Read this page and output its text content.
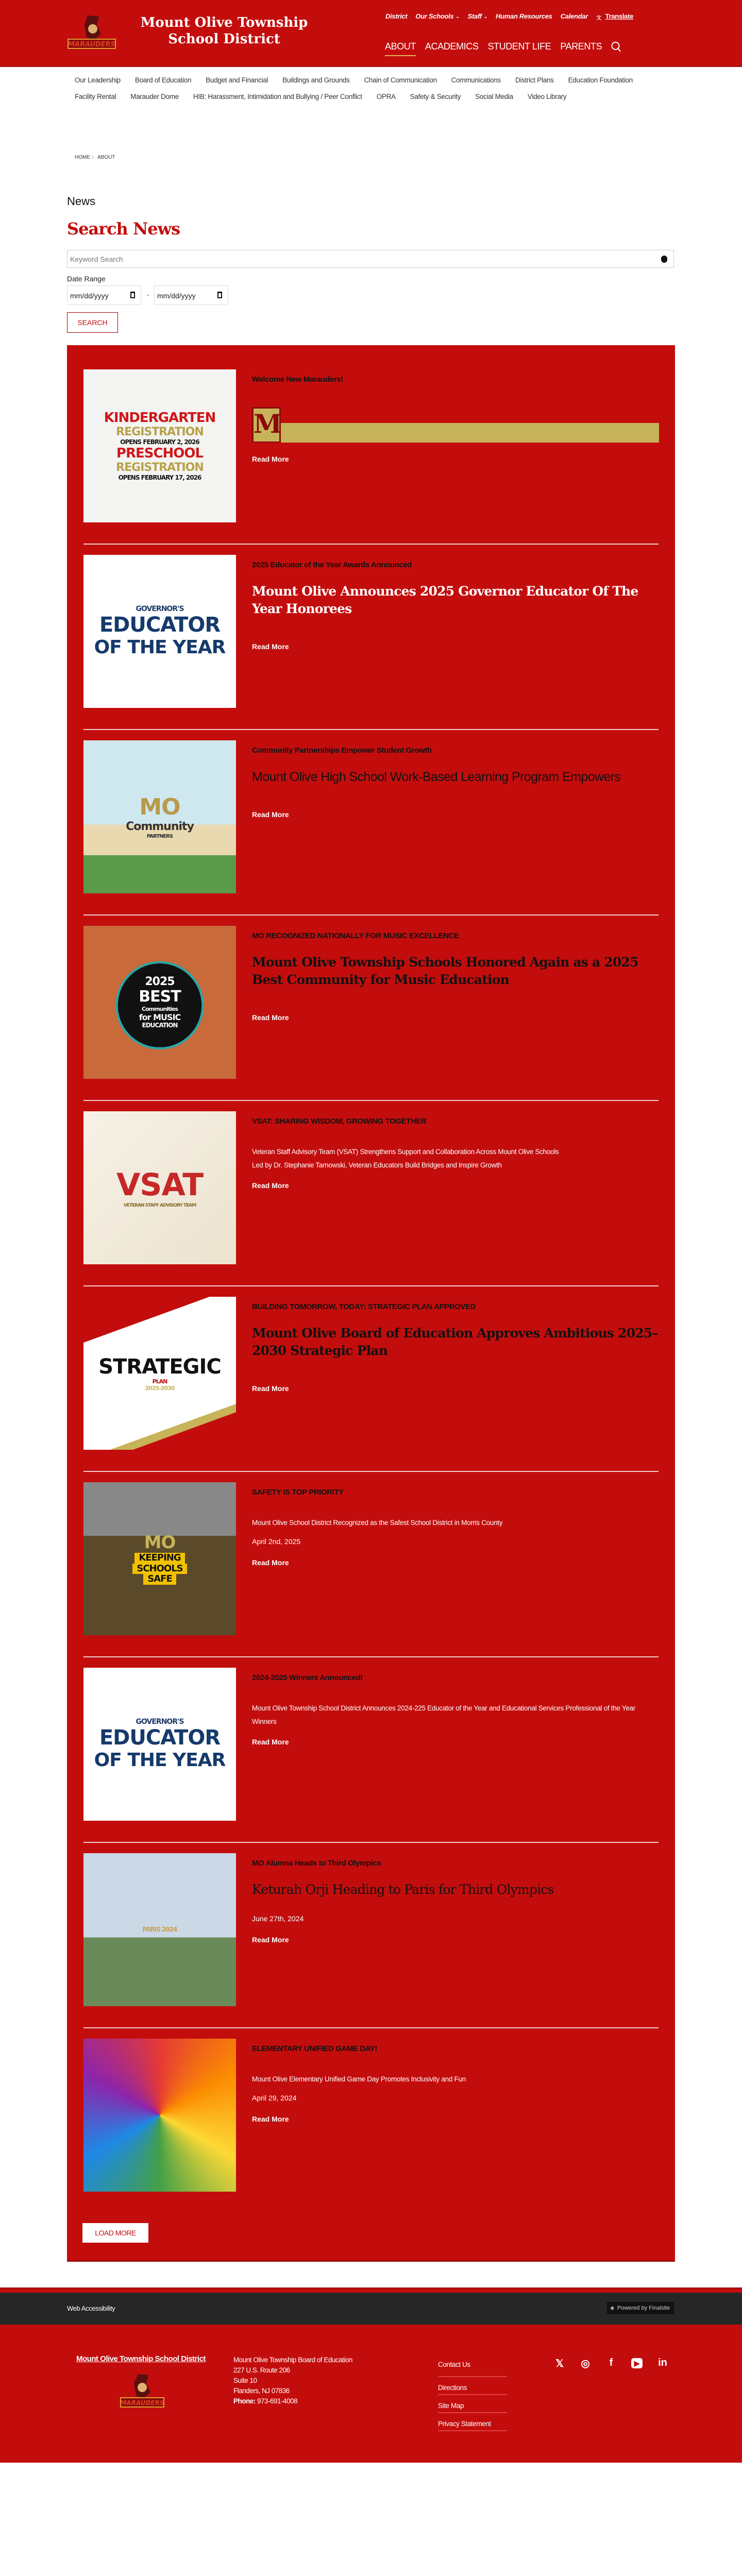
MARAUDERS
Mount Olive Township
School District
District Our Schools ⌄ Staff ⌄ Human Resources Calendar 文 Translate
ABOUT ACADEMICS STUDENT LIFE PARENTS
Our Leadership Board of Education Budget and Financial Buildings and Grounds Chain of Communication Communications District Plans Education Foundation
Facility Rental Marauder Dome HIB: Harassment, Intimidation and Bullying / Peer Conflict OPRA Safety & Security Social Media Video Library
HOME 〉 ABOUT
News
Search News
Keyword Search
Date Range
mm/dd/yyyy	-	mm/dd/yyyy
SEARCH
KINDERGARTEN
REGISTRATION
OPENS FEBRUARY 2, 2026
PRESCHOOL
REGISTRATION
OPENS FEBRUARY 17, 2026
Welcome New Marauders!
M
Read More
GOVERNOR'S
EDUCATOR
OF THE YEAR
2025 Educator of the Year Awards Announced
Mount Olive Announces 2025 Governor Educator Of The Year Honorees
Read More
MO
Community
PARTNERS
Community Partnerships Empower Student Growth
Mount Olive High School Work-Based Learning Program Empowers
Read More
2025
BEST
Communities
for MUSIC
EDUCATION
MO RECOGNIZED NATIONALLY FOR MUSIC EXCELLENCE
Mount Olive Township Schools Honored Again as a 2025 Best Community for Music Education
Read More
VSAT
VETERAN STAFF ADVISORY TEAM
VSAT: SHARING WISDOM, GROWING TOGETHER
Veteran Staff Advisory Team (VSAT) Strengthens Support and Collaboration Across Mount Olive Schools
Led by Dr. Stephanie Tarnowski, Veteran Educators Build Bridges and Inspire Growth
Read More
STRATEGIC
PLAN
2025-2030
BUILDING TOMORROW, TODAY: STRATEGIC PLAN APPROVED
Mount Olive Board of Education Approves Ambitious 2025–2030 Strategic Plan
Read More
MO
KEEPING
SCHOOLS
SAFE
SAFETY IS TOP PRIORITY
Mount Olive School District Recognized as the Safest School District in Morris County
April 2nd, 2025
Read More
GOVERNOR'S
EDUCATOR
OF THE YEAR
2024-2025 Winners Announced!
Mount Olive Township School District Announces 2024-225 Educator of the Year and Educational Services Professional of the Year Winners
Read More
PARIS 2024
MO Alumna Heads to Third Olympics
Keturah Orji Heading to Paris for Third Olympics
June 27th, 2024
Read More
ELEMENTARY UNIFIED GAME DAY!
Mount Olive Elementary Unified Game Day Promotes Inclusivity and Fun
April 29, 2024
Read More
LOAD MORE
Web Accessibility	◈ Powered by Finalsite
Mount Olive Township School District
MARAUDERS
Mount Olive Township Board of Education
227 U.S. Route 206
Suite 10
Flanders, NJ 07836
Phone: 973-691-4008
Contact Us
Directions
Site Map
Privacy Statement
𝕏 ◎	f	▶ in
